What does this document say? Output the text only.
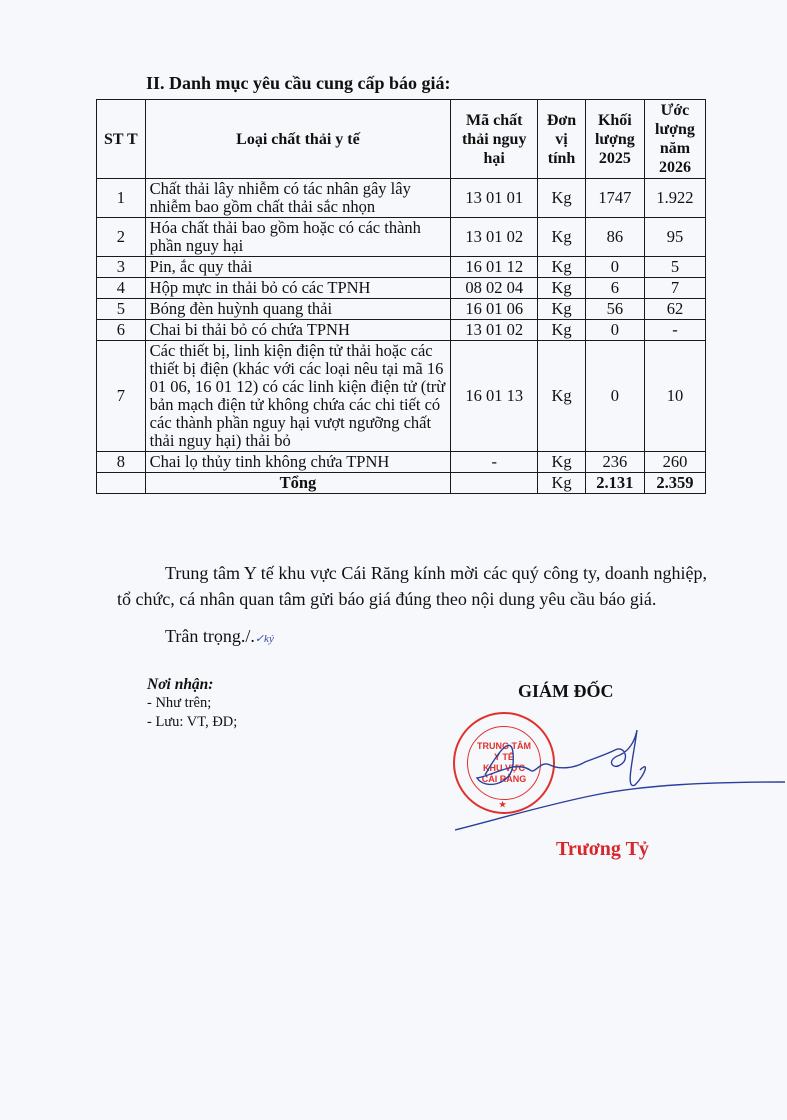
II. Danh mục yêu cầu cung cấp báo giá:
ST T	Loại chất thải y tế	Mã chất thải nguy hại	Đơn vị tính	Khối lượng 2025	Ước lượng năm 2026
1	Chất thải lây nhiễm có tác nhân gây lây nhiễm bao gồm chất thải sắc nhọn	13 01 01	Kg	1747	1.922
2	Hóa chất thải bao gồm hoặc có các thành phần nguy hại	13 01 02	Kg	86	95
3	Pin, ắc quy thải	16 01 12	Kg	0	5
4	Hộp mực in thải bỏ có các TPNH	08 02 04	Kg	6	7
5	Bóng đèn huỳnh quang thải	16 01 06	Kg	56	62
6	Chai bi thải bỏ có chứa TPNH	13 01 02	Kg	0	-
7	Các thiết bị, linh kiện điện tử thải hoặc các thiết bị điện (khác với các loại nêu tại mã 16 01 06, 16 01 12) có các linh kiện điện tử (trừ bản mạch điện tử không chứa các chi tiết có các thành phần nguy hại vượt ngưỡng chất thải nguy hại) thải bỏ	16 01 13	Kg	0	10
8	Chai lọ thủy tinh không chứa TPNH	-	Kg	236	260
	Tổng		Kg	2.131	2.359
Trung tâm Y tế khu vực Cái Răng kính mời các quý công ty, doanh nghiệp, tổ chức, cá nhân quan tâm gửi báo giá đúng theo nội dung yêu cầu báo giá.
Trân trọng./.✓ký
Nơi nhận:
- Như trên;
- Lưu: VT, ĐD;
GIÁM ĐỐC
TRUNG TÂM
Y TẾ
KHU VỰC
CÁI RĂNG
★
Trương Tỷ
